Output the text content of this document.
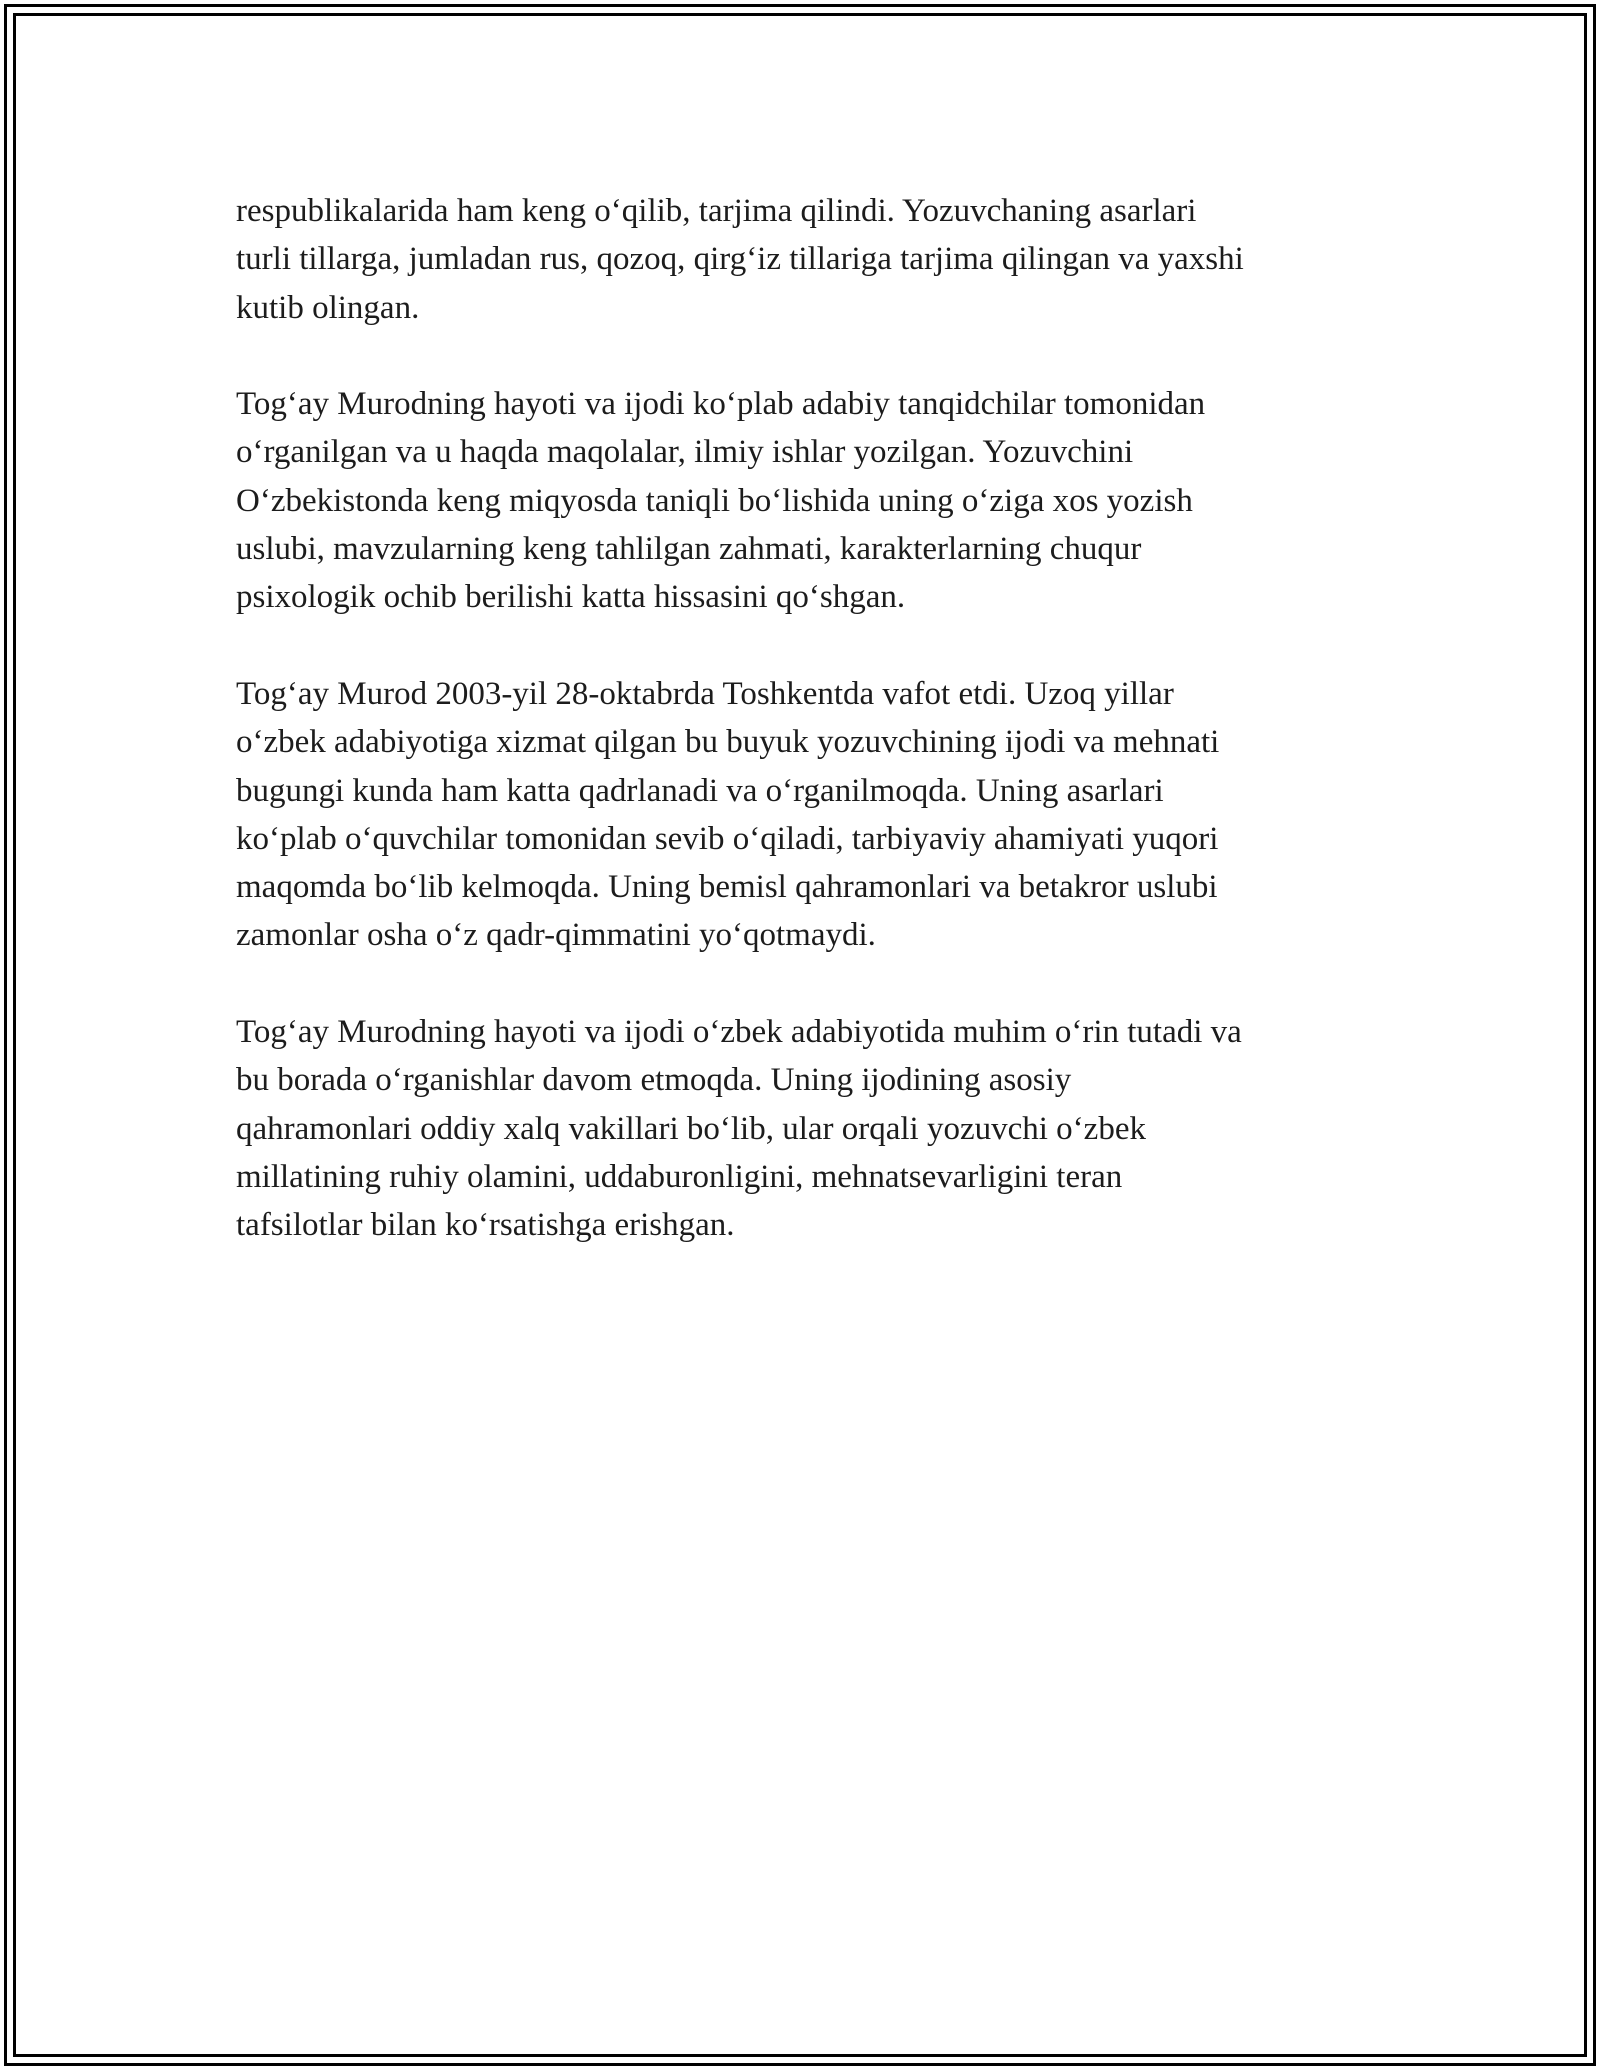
respublikalarida ham keng o‘qilib, tarjima qilindi. Yozuvchaning asarlari
turli tillarga, jumladan rus, qozoq, qirg‘iz tillariga tarjima qilingan va yaxshi
kutib olingan.

Tog‘ay Murodning hayoti va ijodi ko‘plab adabiy tanqidchilar tomonidan
o‘rganilgan va u haqda maqolalar, ilmiy ishlar yozilgan. Yozuvchini
O‘zbekistonda keng miqyosda taniqli bo‘lishida uning o‘ziga xos yozish
uslubi, mavzularning keng tahlilgan zahmati, karakterlarning chuqur
psixologik ochib berilishi katta hissasini qo‘shgan.

Tog‘ay Murod 2003-yil 28-oktabrda Toshkentda vafot etdi. Uzoq yillar
o‘zbek adabiyotiga xizmat qilgan bu buyuk yozuvchining ijodi va mehnati
bugungi kunda ham katta qadrlanadi va o‘rganilmoqda. Uning asarlari
ko‘plab o‘quvchilar tomonidan sevib o‘qiladi, tarbiyaviy ahamiyati yuqori
maqomda bo‘lib kelmoqda. Uning bemisl qahramonlari va betakror uslubi
zamonlar osha o‘z qadr-qimmatini yo‘qotmaydi.

Tog‘ay Murodning hayoti va ijodi o‘zbek adabiyotida muhim o‘rin tutadi va
bu borada o‘rganishlar davom etmoqda. Uning ijodining asosiy
qahramonlari oddiy xalq vakillari bo‘lib, ular orqali yozuvchi o‘zbek
millatining ruhiy olamini, uddaburonligini, mehnatsevarligini teran
tafsilotlar bilan ko‘rsatishga erishgan.
